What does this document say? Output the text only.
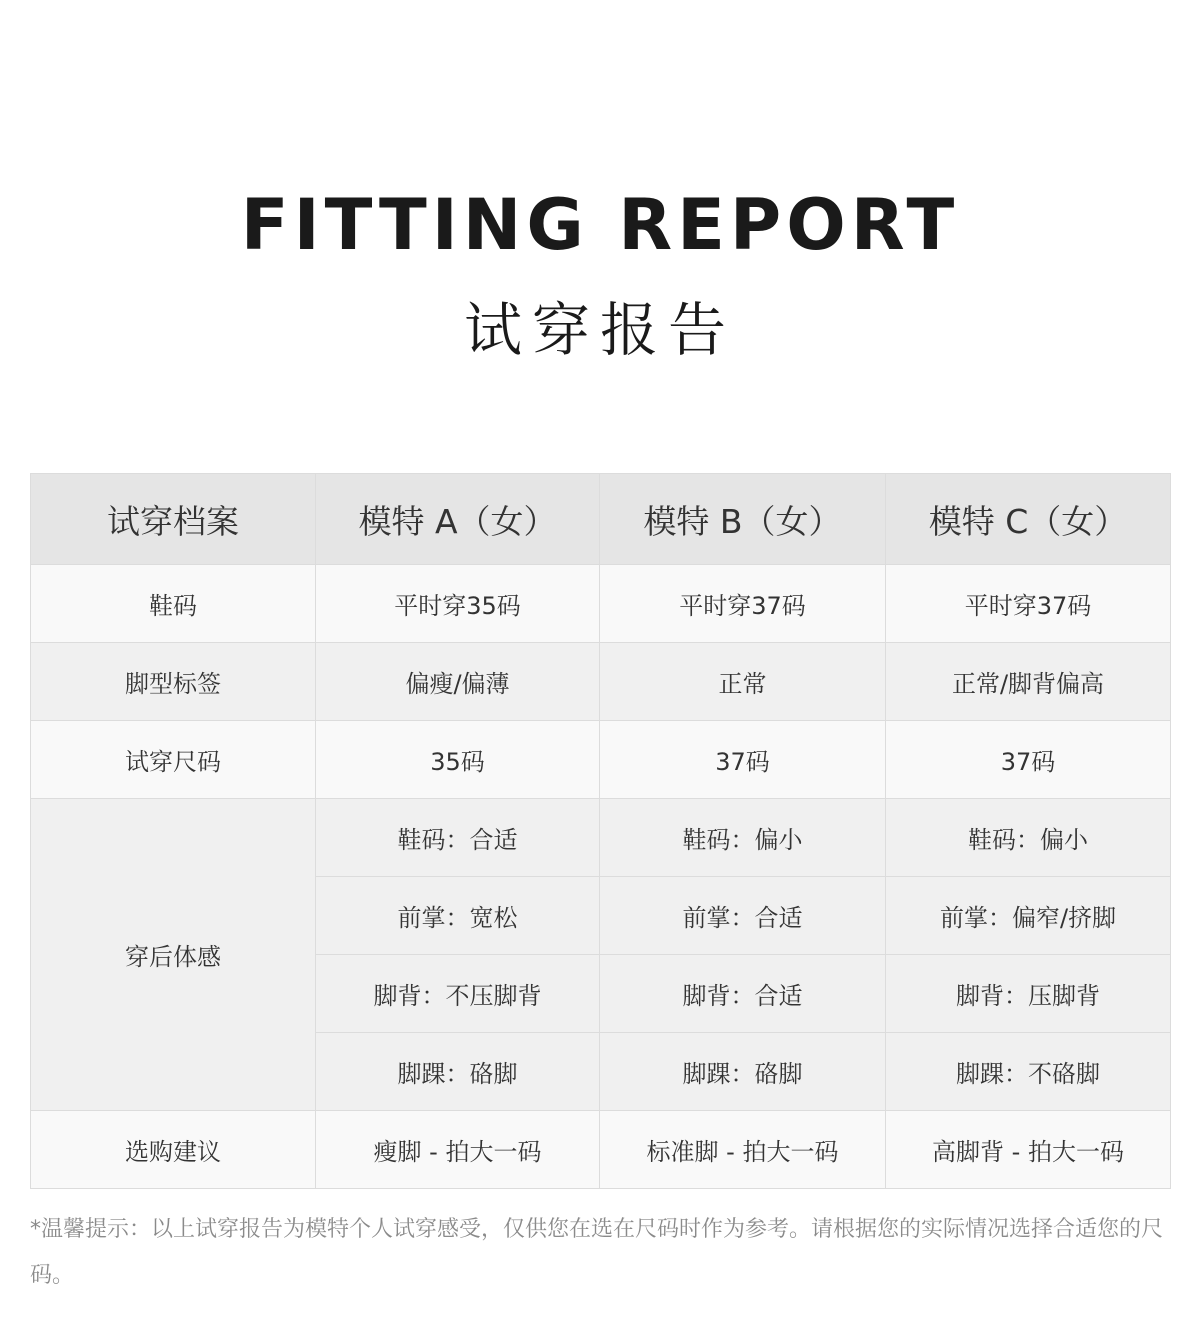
FITTING REPORT
试穿报告
试穿档案	模特 A（女）	模特 B（女）	模特 C（女）
鞋码	平时穿35码	平时穿37码	平时穿37码
脚型标签	偏瘦/偏薄	正常	正常/脚背偏高
试穿尺码	35码	37码	37码
穿后体感	鞋码：合适	鞋码：偏小	鞋码：偏小
	前掌：宽松	前掌：合适	前掌：偏窄/挤脚
	脚背：不压脚背	脚背：合适	脚背：压脚背
	脚踝：硌脚	脚踝：硌脚	脚踝：不硌脚
选购建议	瘦脚 - 拍大一码	标准脚 - 拍大一码	高脚背 - 拍大一码
*温馨提示：以上试穿报告为模特个人试穿感受，仅供您在选在尺码时作为参考。请根据您的实际情况选择合适您的尺码。
